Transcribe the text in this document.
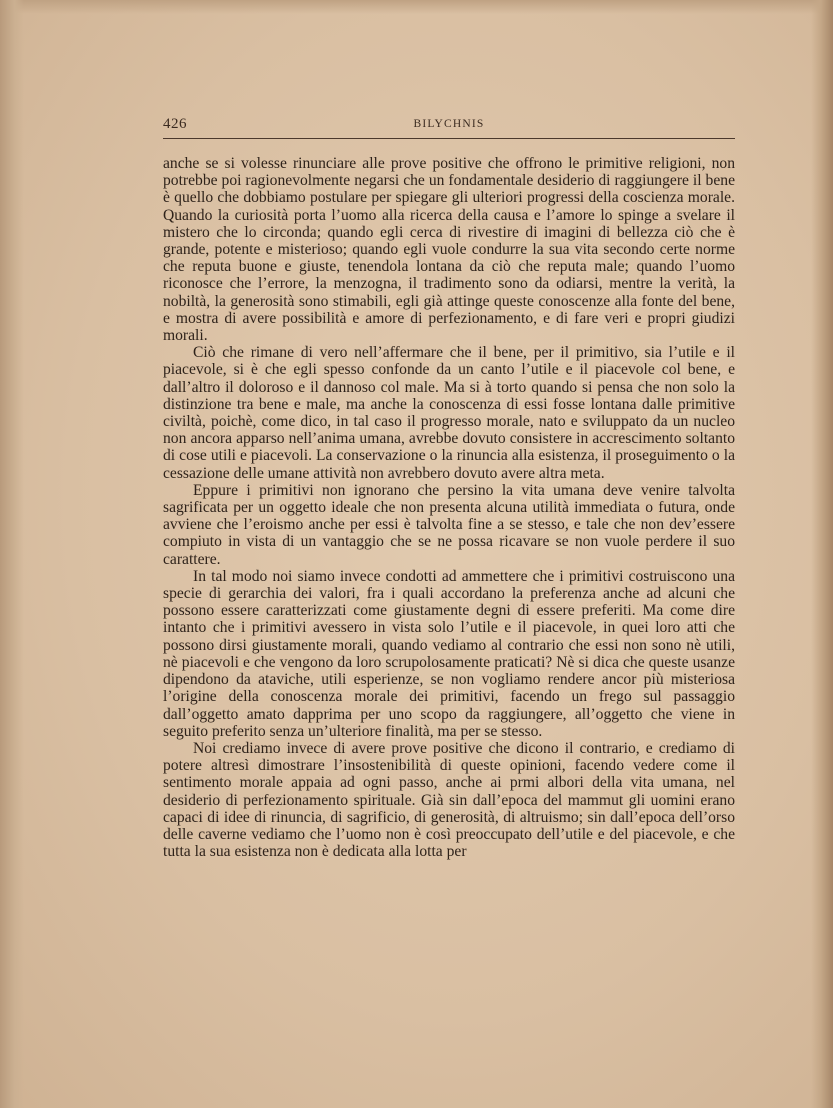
426	BILYCHNIS

anche se si volesse rinunciare alle prove positive che offrono le primitive religioni, non potrebbe poi ragionevolmente negarsi che un fondamentale desiderio di raggiungere il bene è quello che dobbiamo postulare per spiegare gli ulteriori progressi della coscienza morale. Quando la curiosità porta l’uomo alla ricerca della causa e l’amore lo spinge a svelare il mistero che lo circonda; quando egli cerca di rivestire di imagini di bellezza ciò che è grande, potente e misterioso; quando egli vuole condurre la sua vita secondo certe norme che reputa buone e giuste, tenendola lontana da ciò che reputa male; quando l’uomo riconosce che l’errore, la menzogna, il tradimento sono da odiarsi, mentre la verità, la nobiltà, la generosità sono stimabili, egli già attinge queste conoscenze alla fonte del bene, e mostra di avere possibilità e amore di perfezionamento, e di fare veri e propri giudizi morali.

Ciò che rimane di vero nell’affermare che il bene, per il primitivo, sia l’utile e il piacevole, si è che egli spesso confonde da un canto l’utile e il piacevole col bene, e dall’altro il doloroso e il dannoso col male. Ma si à torto quando si pensa che non solo la distinzione tra bene e male, ma anche la conoscenza di essi fosse lontana dalle primitive civiltà, poichè, come dico, in tal caso il progresso morale, nato e sviluppato da un nucleo non ancora apparso nell’anima umana, avrebbe dovuto consistere in accrescimento soltanto di cose utili e piacevoli. La conservazione o la rinuncia alla esistenza, il proseguimento o la cessazione delle umane attività non avrebbero dovuto avere altra meta.

Eppure i primitivi non ignorano che persino la vita umana deve venire talvolta sagrificata per un oggetto ideale che non presenta alcuna utilità immediata o futura, onde avviene che l’eroismo anche per essi è talvolta fine a se stesso, e tale che non dev’essere compiuto in vista di un vantaggio che se ne possa ricavare se non vuole perdere il suo carattere.

In tal modo noi siamo invece condotti ad ammettere che i primitivi costruiscono una specie di gerarchia dei valori, fra i quali accordano la preferenza anche ad alcuni che possono essere caratterizzati come giustamente degni di essere preferiti. Ma come dire intanto che i primitivi avessero in vista solo l’utile e il piacevole, in quei loro atti che possono dirsi giustamente morali, quando vediamo al contrario che essi non sono nè utili, nè piacevoli e che vengono da loro scrupolosamente praticati? Nè si dica che queste usanze dipendono da ataviche, utili esperienze, se non vogliamo rendere ancor più misteriosa l’origine della conoscenza morale dei primitivi, facendo un frego sul passaggio dall’oggetto amato dapprima per uno scopo da raggiungere, all’oggetto che viene in seguito preferito senza un’ulteriore finalità, ma per se stesso.

Noi crediamo invece di avere prove positive che dicono il contrario, e crediamo di potere altresì dimostrare l’insostenibilità di queste opinioni, facendo vedere come il sentimento morale appaia ad ogni passo, anche ai prmi albori della vita umana, nel desiderio di perfezionamento spirituale. Già sin dall’epoca del mammut gli uomini erano capaci di idee di rinuncia, di sagrificio, di generosità, di altruismo; sin dall’epoca dell’orso delle caverne vediamo che l’uomo non è così preoccupato dell’utile e del piacevole, e che tutta la sua esistenza non è dedicata alla lotta per
